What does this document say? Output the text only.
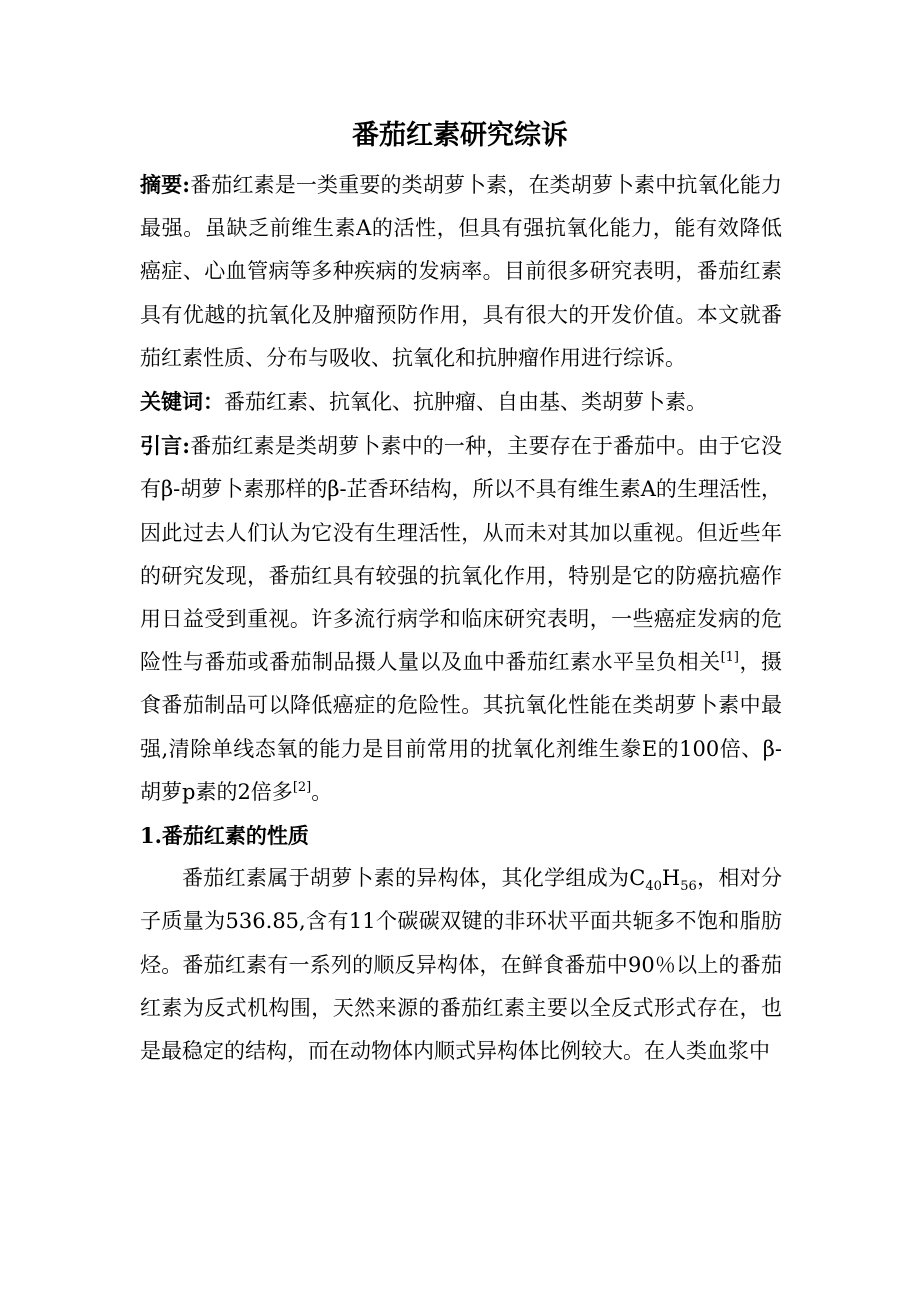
番茄红素研究综诉

摘要:番茄红素是一类重要的类胡萝卜素，在类胡萝卜素中抗氧化能力最强。虽缺乏前维生素A的活性，但具有强抗氧化能力，能有效降低癌症、心血管病等多种疾病的发病率。目前很多研究表明，番茄红素具有优越的抗氧化及肿瘤预防作用，具有很大的开发价值。本文就番茄红素性质、分布与吸收、抗氧化和抗肿瘤作用进行综诉。

关键词：番茄红素、抗氧化、抗肿瘤、自由基、类胡萝卜素。

引言:番茄红素是类胡萝卜素中的一种，主要存在于番茄中。由于它没有β-胡萝卜素那样的β-芷香环结构，所以不具有维生素A的生理活性，因此过去人们认为它没有生理活性，从而未对其加以重视。但近些年的研究发现，番茄红具有较强的抗氧化作用，特别是它的防癌抗癌作用日益受到重视。许多流行病学和临床研究表明，一些癌症发病的危险性与番茄或番茄制品摄人量以及血中番茄红素水平呈负相关[1]，摄食番茄制品可以降低癌症的危险性。其抗氧化性能在类胡萝卜素中最强,清除单线态氧的能力是目前常用的扰氧化剂维生豢E的100倍、β-胡萝p素的2倍多[2]。

1.番茄红素的性质

番茄红素属于胡萝卜素的异构体，其化学组成为$C_{40}H_{56}$，相对分子质量为536.85,含有11个碳碳双键的非环状平面共轭多不饱和脂肪烃。番茄红素有一系列的顺反异构体，在鲜食番茄中90％以上的番茄红素为反式机构围，天然来源的番茄红素主要以全反式形式存在，也是最稳定的结构，而在动物体内顺式异构体比例较大。在人类血浆中
